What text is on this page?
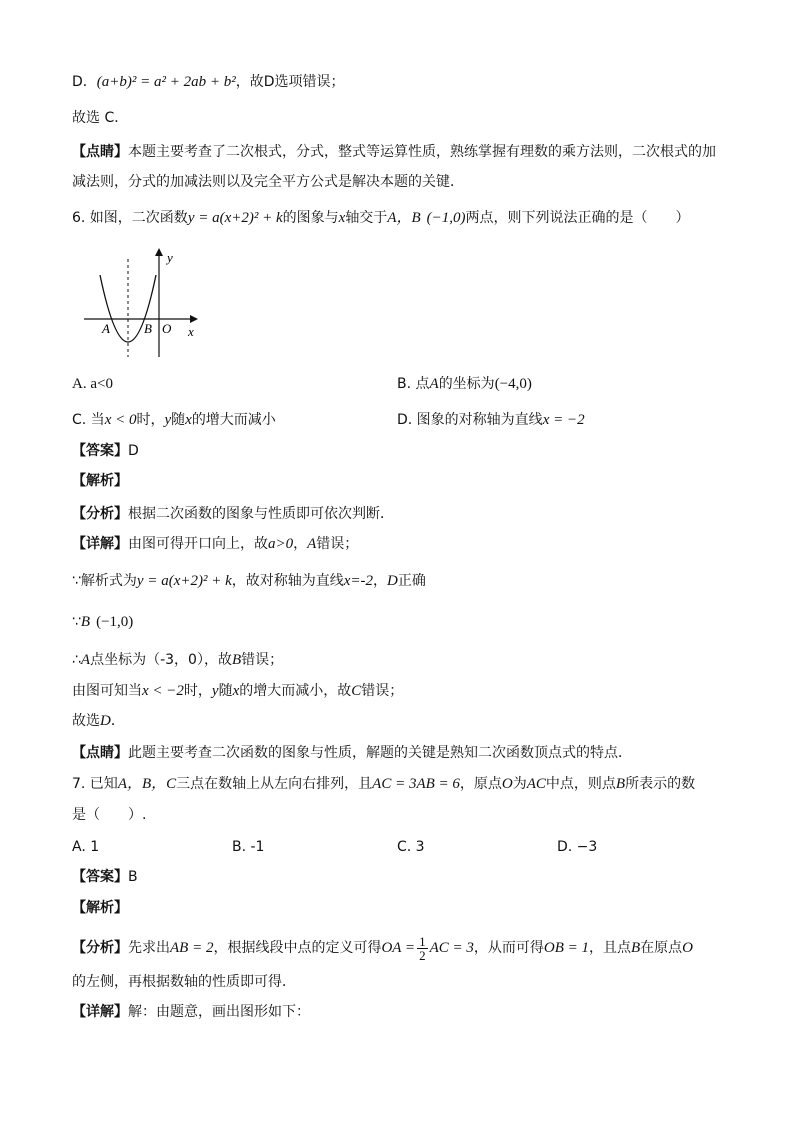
D．(a+b)² = a² + 2ab + b²，故D选项错误；
故选 C．
【点睛】本题主要考查了二次根式，分式，整式等运算性质，熟练掌握有理数的乘方法则，二次根式的加
减法则，分式的加减法则以及完全平方公式是解决本题的关键．
6. 如图，二次函数y = a(x+2)² + k的图象与x轴交于A，B (−1,0)两点，则下列说法正确的是（　　）
y
x
A	B O
A. a<0	B. 点A的坐标为(−4,0)
C. 当x < 0时，y随x的增大而减小	D. 图象的对称轴为直线x = −2
【答案】D
【解析】
【分析】根据二次函数的图象与性质即可依次判断．
【详解】由图可得开口向上，故a>0，A错误；
∵解析式为y = a(x+2)² + k，故对称轴为直线x=-2，D正确
∵B (−1,0)
∴A点坐标为（-3，0），故B错误；
由图可知当x < −2时，y随x的增大而减小，故C错误；
故选D．
【点睛】此题主要考查二次函数的图象与性质，解题的关键是熟知二次函数顶点式的特点．
7. 已知A，B，C三点在数轴上从左向右排列，且AC = 3AB = 6，原点O为AC中点，则点B所表示的数
是（　　）.
A. 1	B. -1	C. 3	D. −3
【答案】B
【解析】
【分析】先求出AB = 2，根据线段中点的定义可得OA = $\frac{1}{2}$ AC = 3，从而可得OB = 1，且点B在原点O
的左侧，再根据数轴的性质即可得．
【详解】解：由题意，画出图形如下：
